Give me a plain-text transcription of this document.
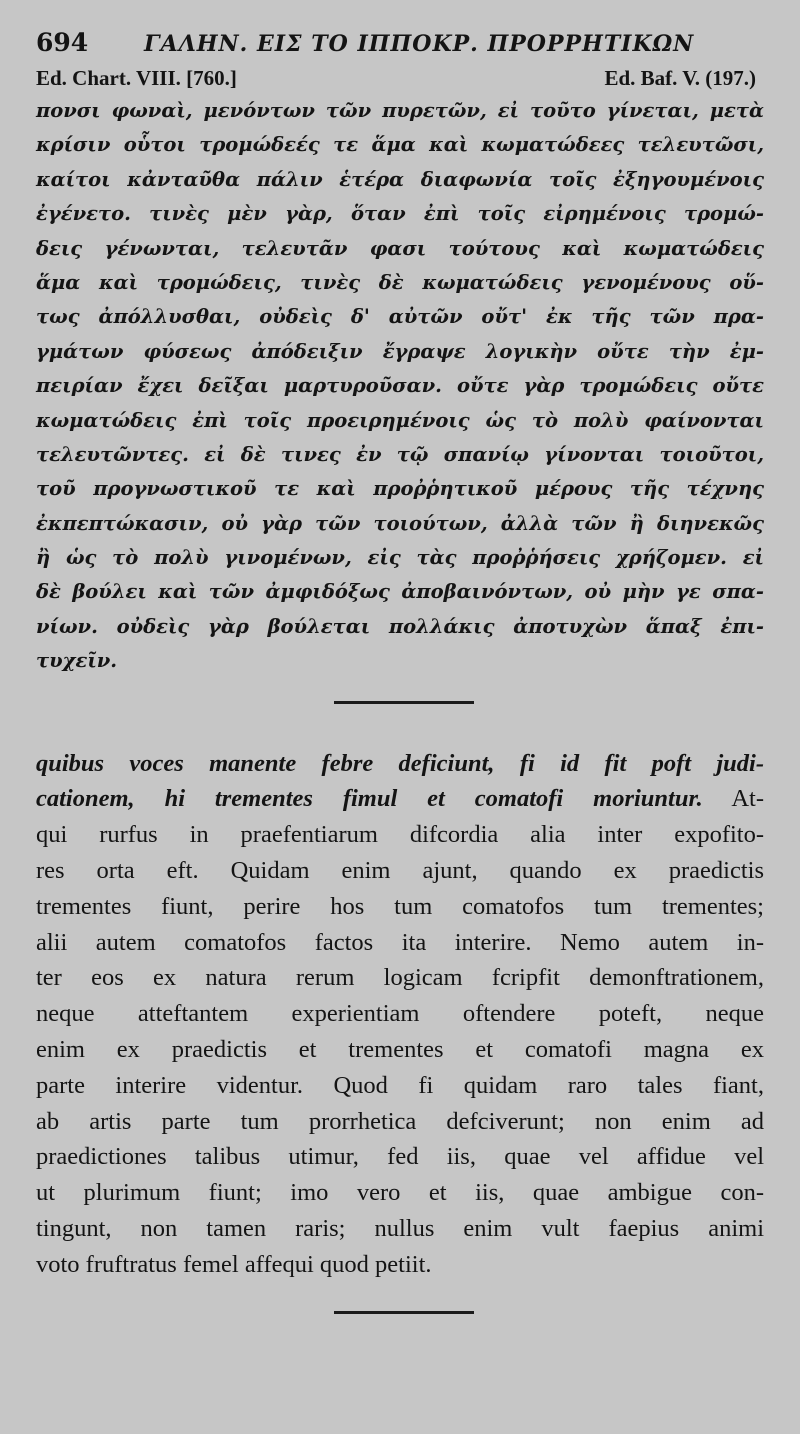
694	ΓΑΛΗΝ. ΕΙΣ ΤΟ ΙΠΠΟΚΡ. ΠΡΟΡΡΗΤΙΚΩΝ
Ed. Chart. VIII. [760.]	Ed. Baf. V. (197.)
πονσι φωναὶ, μενόντων τῶν πυρετῶν, εἰ τοῦτο γίνεται, μετὰ
κρίσιν οὗτοι τρομώδεές τε ἅμα καὶ κωματώδεες τελευτῶσι,
καίτοι κἀνταῦθα πάλιν ἑτέρα διαφωνία τοῖς ἐξηγουμένοις
ἐγένετο. τινὲς μὲν γὰρ, ὅταν ἐπὶ τοῖς εἰρημένοις τρομώ-
δεις γένωνται, τελευτᾶν φασι τούτους καὶ κωματώδεις
ἅμα καὶ τρομώδεις, τινὲς δὲ κωματώδεις γενομένους οὕ-
τως ἀπόλλυσθαι, οὐδεὶς δ' αὐτῶν οὔτ' ἐκ τῆς τῶν πρα-
γμάτων φύσεως ἀπόδειξιν ἔγραψε λογικὴν οὔτε τὴν ἐμ-
πειρίαν ἔχει δεῖξαι μαρτυροῦσαν. οὔτε γὰρ τρομώδεις οὔτε
κωματώδεις ἐπὶ τοῖς προειρημένοις ὡς τὸ πολὺ φαίνονται
τελευτῶντες. εἰ δὲ τινες ἐν τῷ σπανίῳ γίνονται τοιοῦτοι,
τοῦ προγνωστικοῦ τε καὶ προῤῥητικοῦ μέρους τῆς τέχνης
ἐκπεπτώκασιν, οὐ γὰρ τῶν τοιούτων, ἀλλὰ τῶν ἢ διηνεκῶς
ἢ ὡς τὸ πολὺ γινομένων, εἰς τὰς προῤῥήσεις χρήζομεν. εἰ
δὲ βούλει καὶ τῶν ἀμφιδόξως ἀποβαινόντων, οὐ μὴν γε σπα-
νίων. οὐδεὶς γὰρ βούλεται πολλάκις ἀποτυχὼν ἅπαξ ἐπι-
τυχεῖν.
quibus voces manente febre deficiunt, fi id fit poft judi-
cationem, hi trementes fimul et comatofi moriuntur. At-
qui rurfus in praefentiarum difcordia alia inter expofito-
res orta eft. Quidam enim ajunt, quando ex praedictis
trementes fiunt, perire hos tum comatofos tum trementes;
alii autem comatofos factos ita interire. Nemo autem in-
ter eos ex natura rerum logicam fcripfit demonftrationem,
neque atteftantem experientiam oftendere poteft, neque
enim ex praedictis et trementes et comatofi magna ex
parte interire videntur. Quod fi quidam raro tales fiant,
ab artis parte tum prorrhetica defciverunt; non enim ad
praedictiones talibus utimur, fed iis, quae vel affidue vel
ut plurimum fiunt; imo vero et iis, quae ambigue con-
tingunt, non tamen raris; nullus enim vult faepius animi
voto fruftratus femel affequi quod petiit.
